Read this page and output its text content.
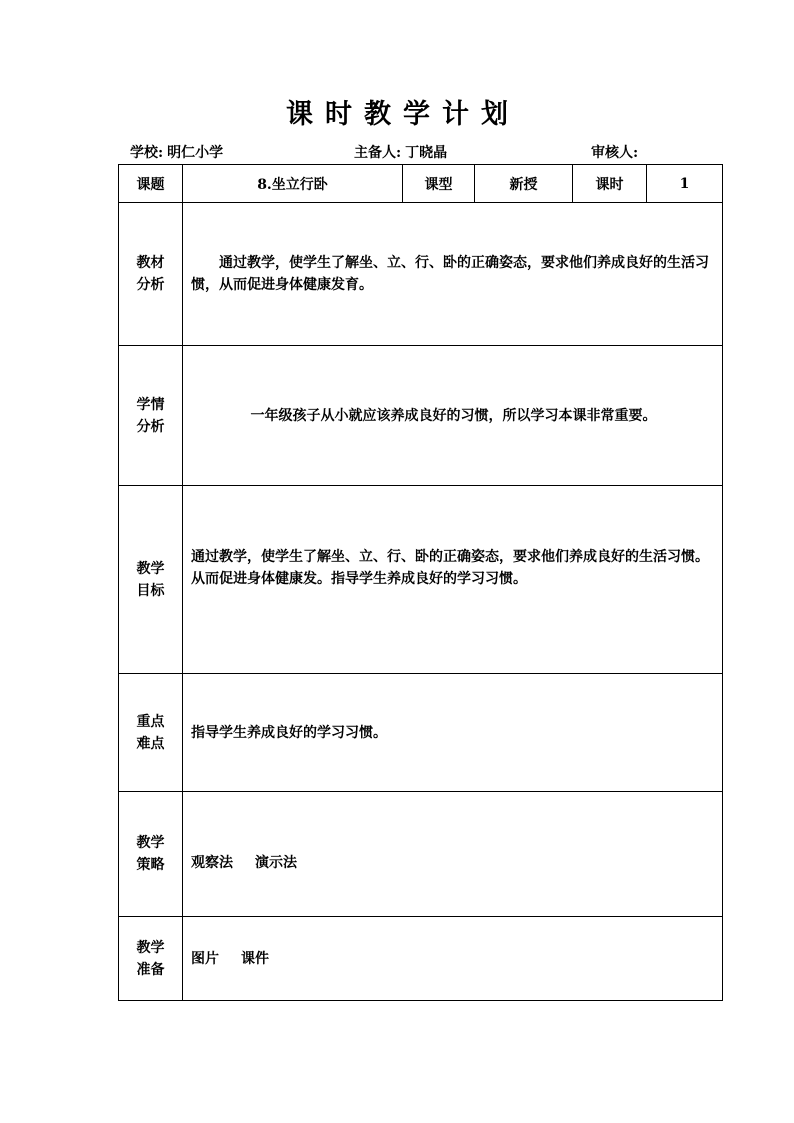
课时教学计划
学校: 明仁小学	主备人: 丁晓晶	审核人:
课题	8.坐立行卧	课型	新授	课时	1

教材
分析	通过教学，使学生了解坐、立、行、卧的正确姿态，要求他们养成良好的生活习惯，从而促进身体健康发育。				

学情
分析	一年级孩子从小就应该养成良好的习惯，所以学习本课非常重要。				

教学
目标	通过教学，使学生了解坐、立、行、卧的正确姿态，要求他们养成良好的生活习惯。从而促进身体健康发。指导学生养成良好的学习习惯。				

重点
难点	指导学生养成良好的学习习惯。				

教学
策略	观察法 演示法				

教学
准备	图片 课件				
